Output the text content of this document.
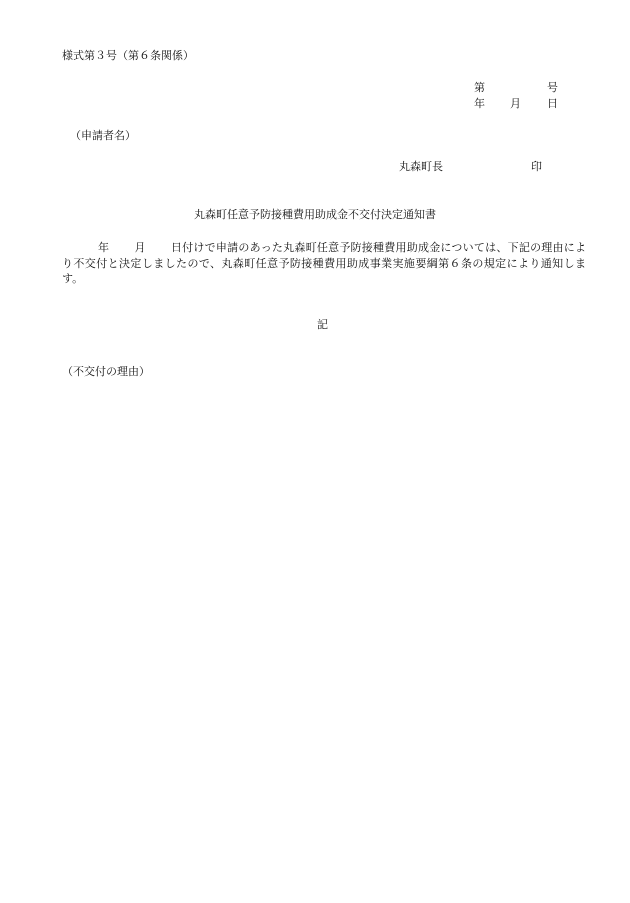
様式第３号（第６条関係）
第	号
年 月 日
（申請者名）
丸森町長	印
丸森町任意予防接種費用助成金不交付決定通知書
年 月 日付けで申請のあった丸森町任意予防接種費用助成金については、下記の理由により不交付と決定しましたので、丸森町任意予防接種費用助成事業実施要綱第６条の規定により通知します。
記
（不交付の理由）
